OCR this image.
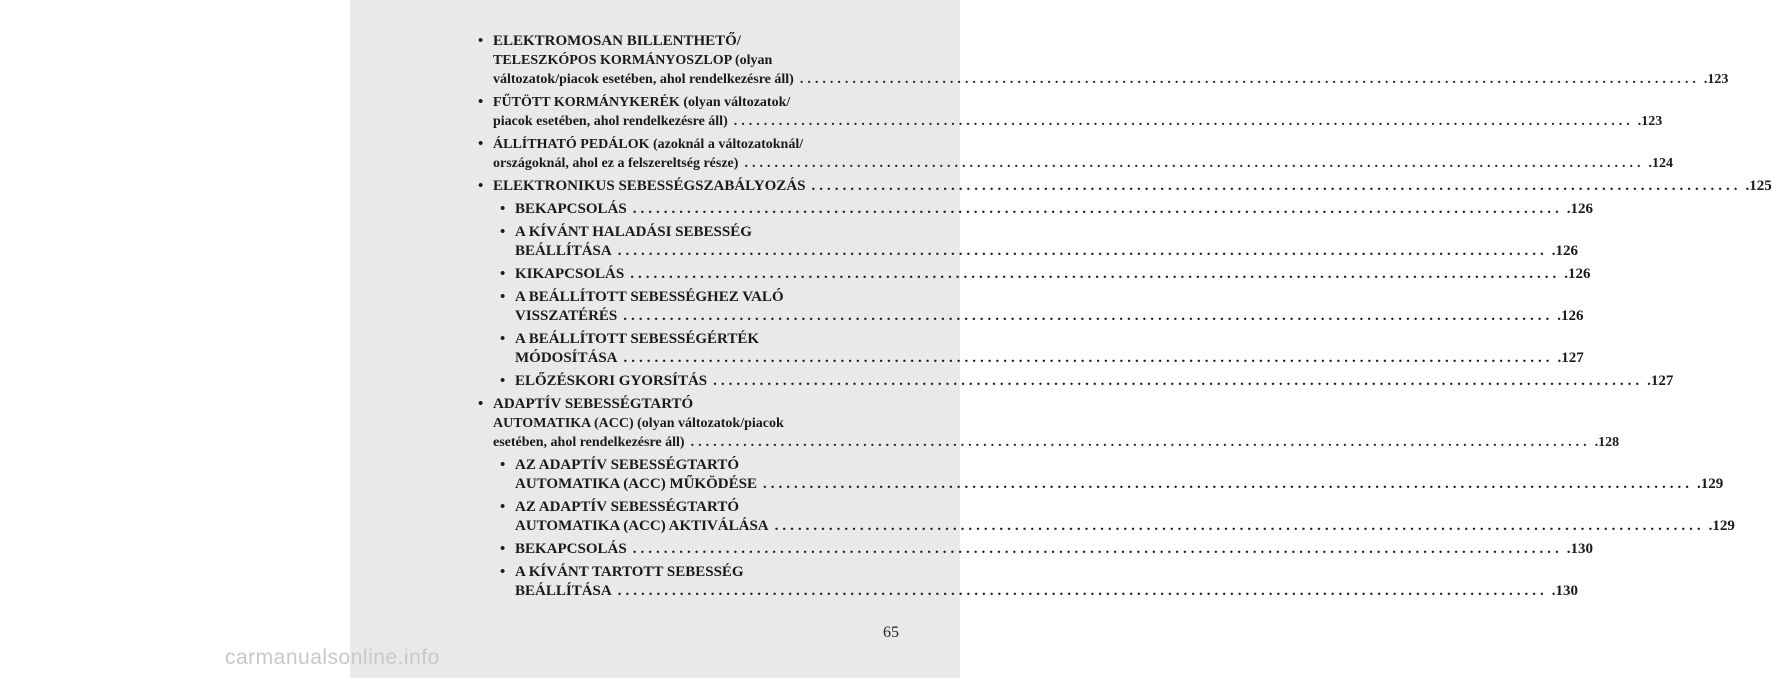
• ELEKTROMOSAN BILLENTHETŐ/
TELESZKÓPOS KORMÁNYOSZLOP (olyan
változatok/piacok esetében, ahol rendelkezésre áll) ........................................................................................................................ .123
• FŰTÖTT KORMÁNYKERÉK (olyan változatok/
piacok esetében, ahol rendelkezésre áll) ........................................................................................................................ .123
• ÁLLÍTHATÓ PEDÁLOK (azoknál a változatoknál/
országoknál, ahol ez a felszereltség része) ........................................................................................................................ .124
• ELEKTRONIKUS SEBESSÉGSZABÁLYOZÁS ........................................................................................................................ .125
• BEKAPCSOLÁS ........................................................................................................................ .126
• A KÍVÁNT HALADÁSI SEBESSÉG
BEÁLLÍTÁSA ........................................................................................................................ .126
• KIKAPCSOLÁS ........................................................................................................................ .126
• A BEÁLLÍTOTT SEBESSÉGHEZ VALÓ
VISSZATÉRÉS ........................................................................................................................ .126
• A BEÁLLÍTOTT SEBESSÉGÉRTÉK
MÓDOSÍTÁSA ........................................................................................................................ .127
• ELŐZÉSKORI GYORSÍTÁS ........................................................................................................................ .127
• ADAPTÍV SEBESSÉGTARTÓ
AUTOMATIKA (ACC) (olyan változatok/piacok
esetében, ahol rendelkezésre áll) ........................................................................................................................ .128
• AZ ADAPTÍV SEBESSÉGTARTÓ
AUTOMATIKA (ACC) MŰKÖDÉSE ........................................................................................................................ .129
• AZ ADAPTÍV SEBESSÉGTARTÓ
AUTOMATIKA (ACC) AKTIVÁLÁSA ........................................................................................................................ .129
• BEKAPCSOLÁS ........................................................................................................................ .130
• A KÍVÁNT TARTOTT SEBESSÉG
BEÁLLÍTÁSA ........................................................................................................................ .130
65
carmanualsonline.info
